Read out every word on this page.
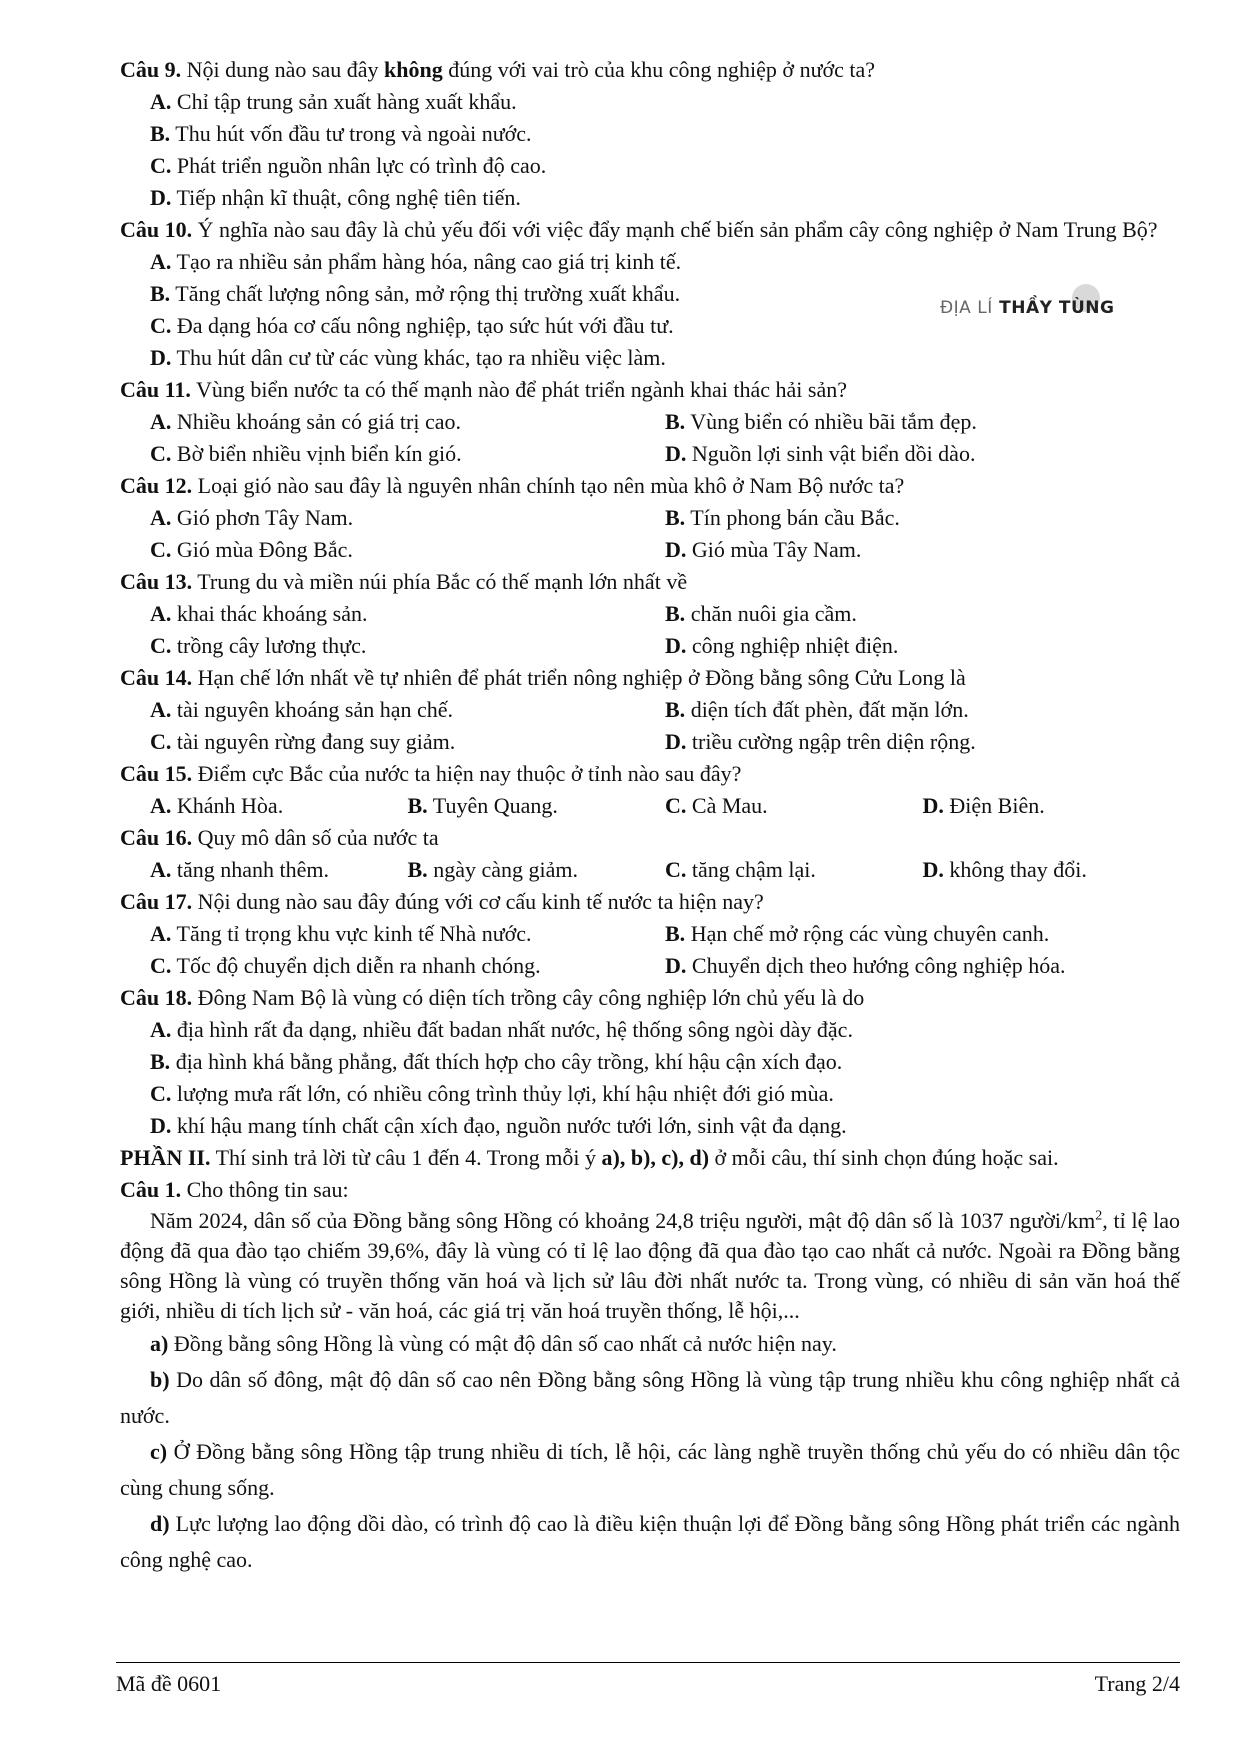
ĐỊA LÍ THẦY TÙNG
Câu 9. Nội dung nào sau đây không đúng với vai trò của khu công nghiệp ở nước ta?
A. Chỉ tập trung sản xuất hàng xuất khẩu.
B. Thu hút vốn đầu tư trong và ngoài nước.
C. Phát triển nguồn nhân lực có trình độ cao.
D. Tiếp nhận kĩ thuật, công nghệ tiên tiến.
Câu 10. Ý nghĩa nào sau đây là chủ yếu đối với việc đẩy mạnh chế biến sản phẩm cây công nghiệp ở Nam Trung Bộ?
A. Tạo ra nhiều sản phẩm hàng hóa, nâng cao giá trị kinh tế.
B. Tăng chất lượng nông sản, mở rộng thị trường xuất khẩu.
C. Đa dạng hóa cơ cấu nông nghiệp, tạo sức hút với đầu tư.
D. Thu hút dân cư từ các vùng khác, tạo ra nhiều việc làm.
Câu 11. Vùng biển nước ta có thế mạnh nào để phát triển ngành khai thác hải sản?
A. Nhiều khoáng sản có giá trị cao.	B. Vùng biển có nhiều bãi tắm đẹp.
C. Bờ biển nhiều vịnh biển kín gió.	D. Nguồn lợi sinh vật biển dồi dào.
Câu 12. Loại gió nào sau đây là nguyên nhân chính tạo nên mùa khô ở Nam Bộ nước ta?
A. Gió phơn Tây Nam.	B. Tín phong bán cầu Bắc.
C. Gió mùa Đông Bắc.	D. Gió mùa Tây Nam.
Câu 13. Trung du và miền núi phía Bắc có thế mạnh lớn nhất về
A. khai thác khoáng sản.	B. chăn nuôi gia cầm.
C. trồng cây lương thực.	D. công nghiệp nhiệt điện.
Câu 14. Hạn chế lớn nhất về tự nhiên để phát triển nông nghiệp ở Đồng bằng sông Cửu Long là
A. tài nguyên khoáng sản hạn chế.	B. diện tích đất phèn, đất mặn lớn.
C. tài nguyên rừng đang suy giảm.	D. triều cường ngập trên diện rộng.
Câu 15. Điểm cực Bắc của nước ta hiện nay thuộc ở tỉnh nào sau đây?
A. Khánh Hòa.	B. Tuyên Quang.	C. Cà Mau.	D. Điện Biên.
Câu 16. Quy mô dân số của nước ta
A. tăng nhanh thêm.	B. ngày càng giảm.	C. tăng chậm lại.	D. không thay đổi.
Câu 17. Nội dung nào sau đây đúng với cơ cấu kinh tế nước ta hiện nay?
A. Tăng tỉ trọng khu vực kinh tế Nhà nước.	B. Hạn chế mở rộng các vùng chuyên canh.
C. Tốc độ chuyển dịch diễn ra nhanh chóng.	D. Chuyển dịch theo hướng công nghiệp hóa.
Câu 18. Đông Nam Bộ là vùng có diện tích trồng cây công nghiệp lớn chủ yếu là do
A. địa hình rất đa dạng, nhiều đất badan nhất nước, hệ thống sông ngòi dày đặc.
B. địa hình khá bằng phẳng, đất thích hợp cho cây trồng, khí hậu cận xích đạo.
C. lượng mưa rất lớn, có nhiều công trình thủy lợi, khí hậu nhiệt đới gió mùa.
D. khí hậu mang tính chất cận xích đạo, nguồn nước tưới lớn, sinh vật đa dạng.
PHẦN II. Thí sinh trả lời từ câu 1 đến 4. Trong mỗi ý a), b), c), d) ở mỗi câu, thí sinh chọn đúng hoặc sai.
Câu 1. Cho thông tin sau:
Năm 2024, dân số của Đồng bằng sông Hồng có khoảng 24,8 triệu người, mật độ dân số là 1037 người/$km^2$, tỉ lệ lao động đã qua đào tạo chiếm 39,6%, đây là vùng có tỉ lệ lao động đã qua đào tạo cao nhất cả nước. Ngoài ra Đồng bằng sông Hồng là vùng có truyền thống văn hoá và lịch sử lâu đời nhất nước ta. Trong vùng, có nhiều di sản văn hoá thế giới, nhiều di tích lịch sử - văn hoá, các giá trị văn hoá truyền thống, lễ hội,...
a) Đồng bằng sông Hồng là vùng có mật độ dân số cao nhất cả nước hiện nay.
b) Do dân số đông, mật độ dân số cao nên Đồng bằng sông Hồng là vùng tập trung nhiều khu công nghiệp nhất cả nước.
c) Ở Đồng bằng sông Hồng tập trung nhiều di tích, lễ hội, các làng nghề truyền thống chủ yếu do có nhiều dân tộc cùng chung sống.
d) Lực lượng lao động dồi dào, có trình độ cao là điều kiện thuận lợi để Đồng bằng sông Hồng phát triển các ngành công nghệ cao.
Mã đề 0601	Trang 2/4
